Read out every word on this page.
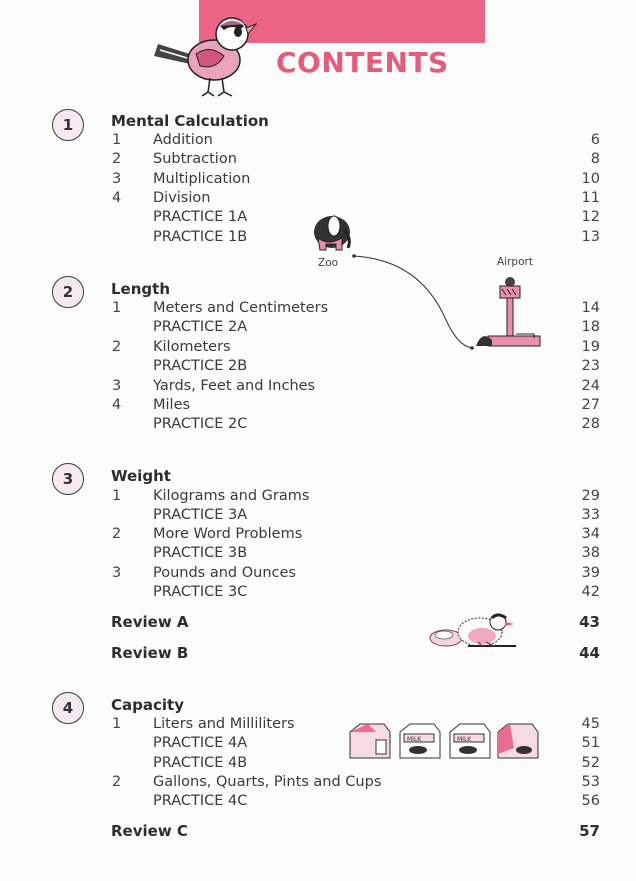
CONTENTS
1	Mental Calculation
1 Addition	6
2 Subtraction	8
3 Multiplication	10
4 Division	11
PRACTICE 1A	12
PRACTICE 1B	13
Zoo	Airport
2	Length
1 Meters and Centimeters	14
PRACTICE 2A	18
2 Kilometers	19
PRACTICE 2B	23
3 Yards, Feet and Inches	24
4 Miles	27
PRACTICE 2C	28
3	Weight
1 Kilograms and Grams	29
PRACTICE 3A	33
2 More Word Problems	34
PRACTICE 3B	38
3 Pounds and Ounces	39
PRACTICE 3C	42
Review A	43
Review B	44
4	Capacity
1 Liters and Milliliters	45
PRACTICE 4A	51
PRACTICE 4B	52
2 Gallons, Quarts, Pints and Cups	53
PRACTICE 4C	56
MILK	MILK
Review C	57
